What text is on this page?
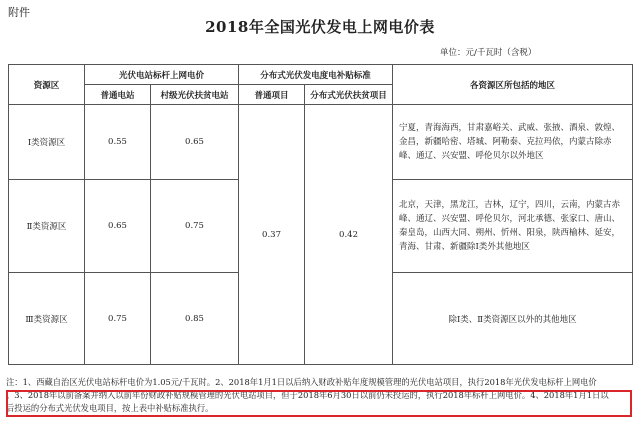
附件
2018年全国光伏发电上网电价表
单位：元/千瓦时（含税）
资源区	光伏电站标杆上网电价		分布式光伏发电度电补贴标准		各资源区所包括的地区
	普通电站	村级光伏扶贫电站	普通项目	分布式光伏扶贫项目	
Ⅰ类资源区	0.55	0.65	0.37	0.42	宁夏，青海海西，甘肃嘉峪关、武威、张掖、酒泉、敦煌、金昌，新疆哈密、塔城、阿勒泰、克拉玛依，内蒙古除赤峰、通辽、兴安盟、呼伦贝尔以外地区
Ⅱ类资源区	0.65	0.75			北京，天津，黑龙江，吉林，辽宁，四川，云南，内蒙古赤峰、通辽、兴安盟、呼伦贝尔，河北承德、张家口、唐山、秦皇岛，山西大同、朔州、忻州、阳泉，陕西榆林、延安，青海、甘肃、新疆除Ⅰ类外其他地区
Ⅲ类资源区	0.75	0.85			除Ⅰ类、Ⅱ类资源区以外的其他地区
注：1、西藏自治区光伏电站标杆电价为1.05元/千瓦时。2、2018年1月1日以后纳入财政补贴年度规模管理的光伏电站项目，执行2018年光伏发电标杆上网电价
。3、2018年以前备案并纳入以前年份财政补贴规模管理的光伏电站项目，但于2018年6月30日以前仍未投运的，执行2018年标杆上网电价。4、2018年1月1日以
后投运的分布式光伏发电项目，按上表中补贴标准执行。
